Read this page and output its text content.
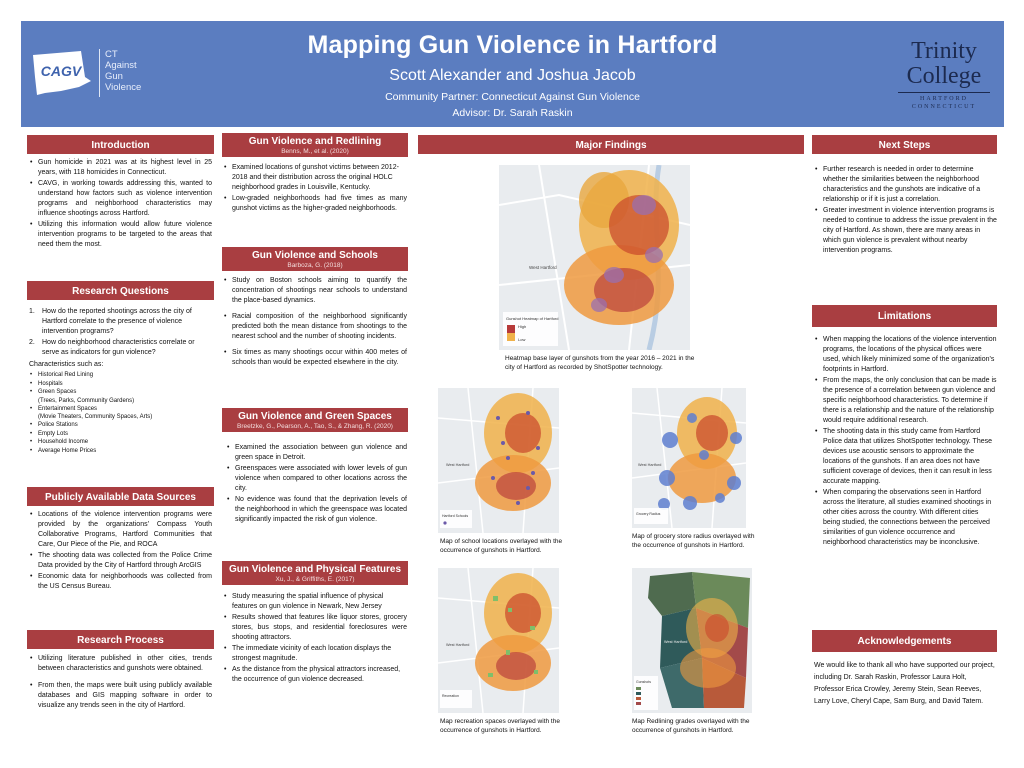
CAGV
CT
Against
Gun
Violence
Mapping Gun Violence in Hartford
Scott Alexander and Joshua Jacob
Community Partner: Connecticut Against Gun Violence
Advisor: Dr. Sarah Raskin
Trinity
College
HARTFORD
CONNECTICUT
Introduction
• Gun homicide in 2021 was at its highest level in 25 years, with 118 homicides in Connecticut.
• CAVG, in working towards addressing this, wanted to understand how factors such as violence intervention programs and neighborhood characteristics may influence shootings across Hartford.
• Utilizing this information would allow future violence intervention programs to be targeted to the areas that need them the most.
Research Questions
1. How do the reported shootings across the city of Hartford correlate to the presence of violence intervention programs?
2. How do neighborhood characteristics correlate or serve as indicators for gun violence?
Characteristics such as:
• Historical Red Lining
• Hospitals
• Green Spaces
(Trees, Parks, Community Gardens)
• Entertainment Spaces
(Movie Theaters, Community Spaces, Arts)
• Police Stations
• Empty Lots
• Household Income
• Average Home Prices
Publicly Available Data Sources
• Locations of the violence intervention programs were provided by the organizations' Compass Youth Collaborative Programs, Hartford Communities that Care, Our Piece of the Pie, and ROCA
• The shooting data was collected from the Police Crime Data provided by the City of Hartford through ArcGIS
• Economic data for neighborhoods was collected from the US Census Bureau.
Research Process
• Utilizing literature published in other cities, trends between characteristics and gunshots were obtained.
• From then, the maps were built using publicly available databases and GIS mapping software in order to visualize any trends seen in the city of Hartford.
Gun Violence and Redlining
Benns, M., et al. (2020)
• Examined locations of gunshot victims between 2012-2018 and their distribution across the original HOLC neighborhood grades in Louisville, Kentucky.
• Low-graded neighborhoods had five times as many gunshot victims as the higher-graded neighborhoods.
Gun Violence and Schools
Barboza, G. (2018)
• Study on Boston schools aiming to quantify the concentration of shootings near schools to understand the place-based dynamics.
• Racial composition of the neighborhood significantly predicted both the mean distance from shootings to the nearest school and the number of shooting incidents.
• Six times as many shootings occur within 400 metes of schools than would be expected elsewhere in the city.
Gun Violence and Green Spaces
Breetzke, G., Pearson, A., Tao, S., & Zhang, R. (2020)
• Examined the association between gun violence and green space in Detroit.
• Greenspaces were associated with lower levels of gun violence when compared to other locations across the city.
• No evidence was found that the deprivation levels of the neighborhood in which the greenspace was located significantly impacted the risk of gun violence.
Gun Violence and Physical Features
Xu, J., & Griffiths, E. (2017)
• Study measuring the spatial influence of physical features on gun violence in Newark, New Jersey
• Results showed that features like liquor stores, grocery stores, bus stops, and residential foreclosures were shooting attractors.
• The immediate vicinity of each location displays the strongest magnitude.
• As the distance from the physical attractors increased, the occurrence of gun violence decreased.
Major Findings
Gunshot Heatmap of Hartford
High
Low
West Hartford
Heatmap base layer of gunshots from the year 2016 – 2021 in the city of Hartford as recorded by ShotSpotter technology.
Hartford Schools
West Hartford
Map of school locations overlayed with the occurrence of gunshots in Hartford.
Grocery Radius
West Hartford
Map of grocery store radius overlayed with the occurrence of gunshots in Hartford.
Recreation
West Hartford
Map recreation spaces overlayed with the occurrence of gunshots in Hartford.
Gunshots
West Hartford
Map Redlining grades overlayed with the occurrence of gunshots in Hartford.
Next Steps
• Further research is needed in order to determine whether the similarities between the neighborhood characteristics and the gunshots are indicative of a relationship or if it is just a correlation.
• Greater investment in violence intervention programs is needed to continue to address the issue prevalent in the city of Hartford. As shown, there are many areas in which gun violence is prevalent without nearby intervention programs.
Limitations
• When mapping the locations of the violence intervention programs, the locations of the physical offices were used, which likely minimized some of the organization's footprints in Hartford.
• From the maps, the only conclusion that can be made is the presence of a correlation between gun violence and specific neighborhood characteristics. To determine if there is a relationship and the nature of the relationship would require additional research.
• The shooting data in this study came from Hartford Police data that utilizes ShotSpotter technology. These devices use acoustic sensors to approximate the locations of the gunshots. If an area does not have sufficient coverage of devices, then it can result in less accurate mapping.
• When comparing the observations seen in Hartford across the literature, all studies examined shootings in other cities across the country. With different cities being studied, the connections between the perceived similarities of gun violence occurrence and neighborhood characteristics may be inconclusive.
Acknowledgements
We would like to thank all who have supported our project, including Dr. Sarah Raskin, Professor Laura Holt, Professor Erica Crowley, Jeremy Stein, Sean Reeves, Larry Love, Cheryl Cape, Sam Burg, and David Tatem.
